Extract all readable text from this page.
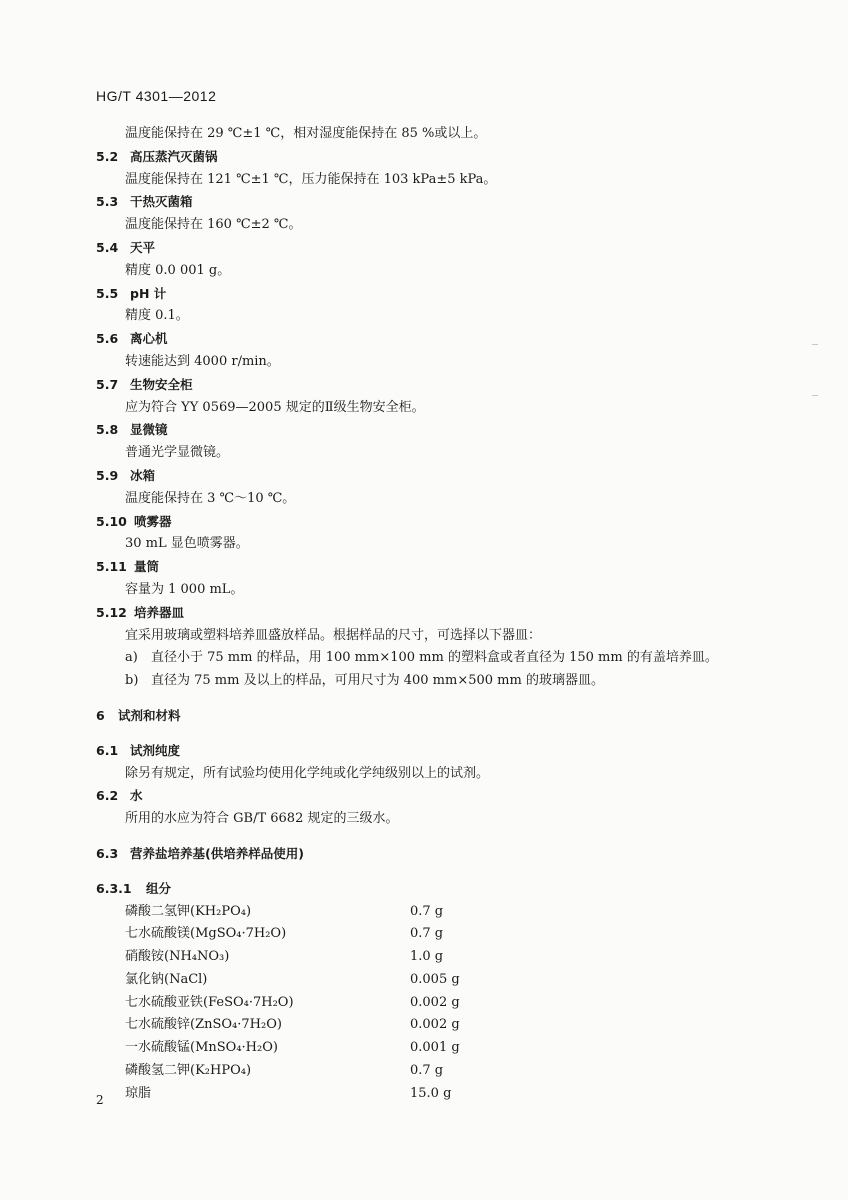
HG/T 4301—2012
温度能保持在 29 ℃±1 ℃，相对湿度能保持在 85 %或以上。
5.2 高压蒸汽灭菌锅
温度能保持在 121 ℃±1 ℃，压力能保持在 103 kPa±5 kPa。
5.3 干热灭菌箱
温度能保持在 160 ℃±2 ℃。
5.4 天平
精度 0.0 001 g。
5.5 pH 计
精度 0.1。
5.6 离心机
转速能达到 4000 r/min。
5.7 生物安全柜
应为符合 YY 0569—2005 规定的Ⅱ级生物安全柜。
5.8 显微镜
普通光学显微镜。
5.9 冰箱
温度能保持在 3 ℃～10 ℃。
5.10 喷雾器
30 mL 显色喷雾器。
5.11 量筒
容量为 1 000 mL。
5.12 培养器皿
宜采用玻璃或塑料培养皿盛放样品。根据样品的尺寸，可选择以下器皿：
a) 直径小于 75 mm 的样品，用 100 mm×100 mm 的塑料盒或者直径为 150 mm 的有盖培养皿。
b) 直径为 75 mm 及以上的样品，可用尺寸为 400 mm×500 mm 的玻璃器皿。
6 试剂和材料
6.1 试剂纯度
除另有规定，所有试验均使用化学纯或化学纯级别以上的试剂。
6.2 水
所用的水应为符合 GB/T 6682 规定的三级水。
6.3 营养盐培养基(供培养样品使用)
6.3.1 组分
磷酸二氢钾(KH₂PO₄)	0.7 g
七水硫酸镁(MgSO₄·7H₂O)	0.7 g
硝酸铵(NH₄NO₃)	1.0 g
氯化钠(NaCl)	0.005 g
七水硫酸亚铁(FeSO₄·7H₂O)	0.002 g
七水硫酸锌(ZnSO₄·7H₂O)	0.002 g
一水硫酸锰(MnSO₄·H₂O)	0.001 g
磷酸氢二钾(K₂HPO₄)	0.7 g
琼脂	15.0 g
2
